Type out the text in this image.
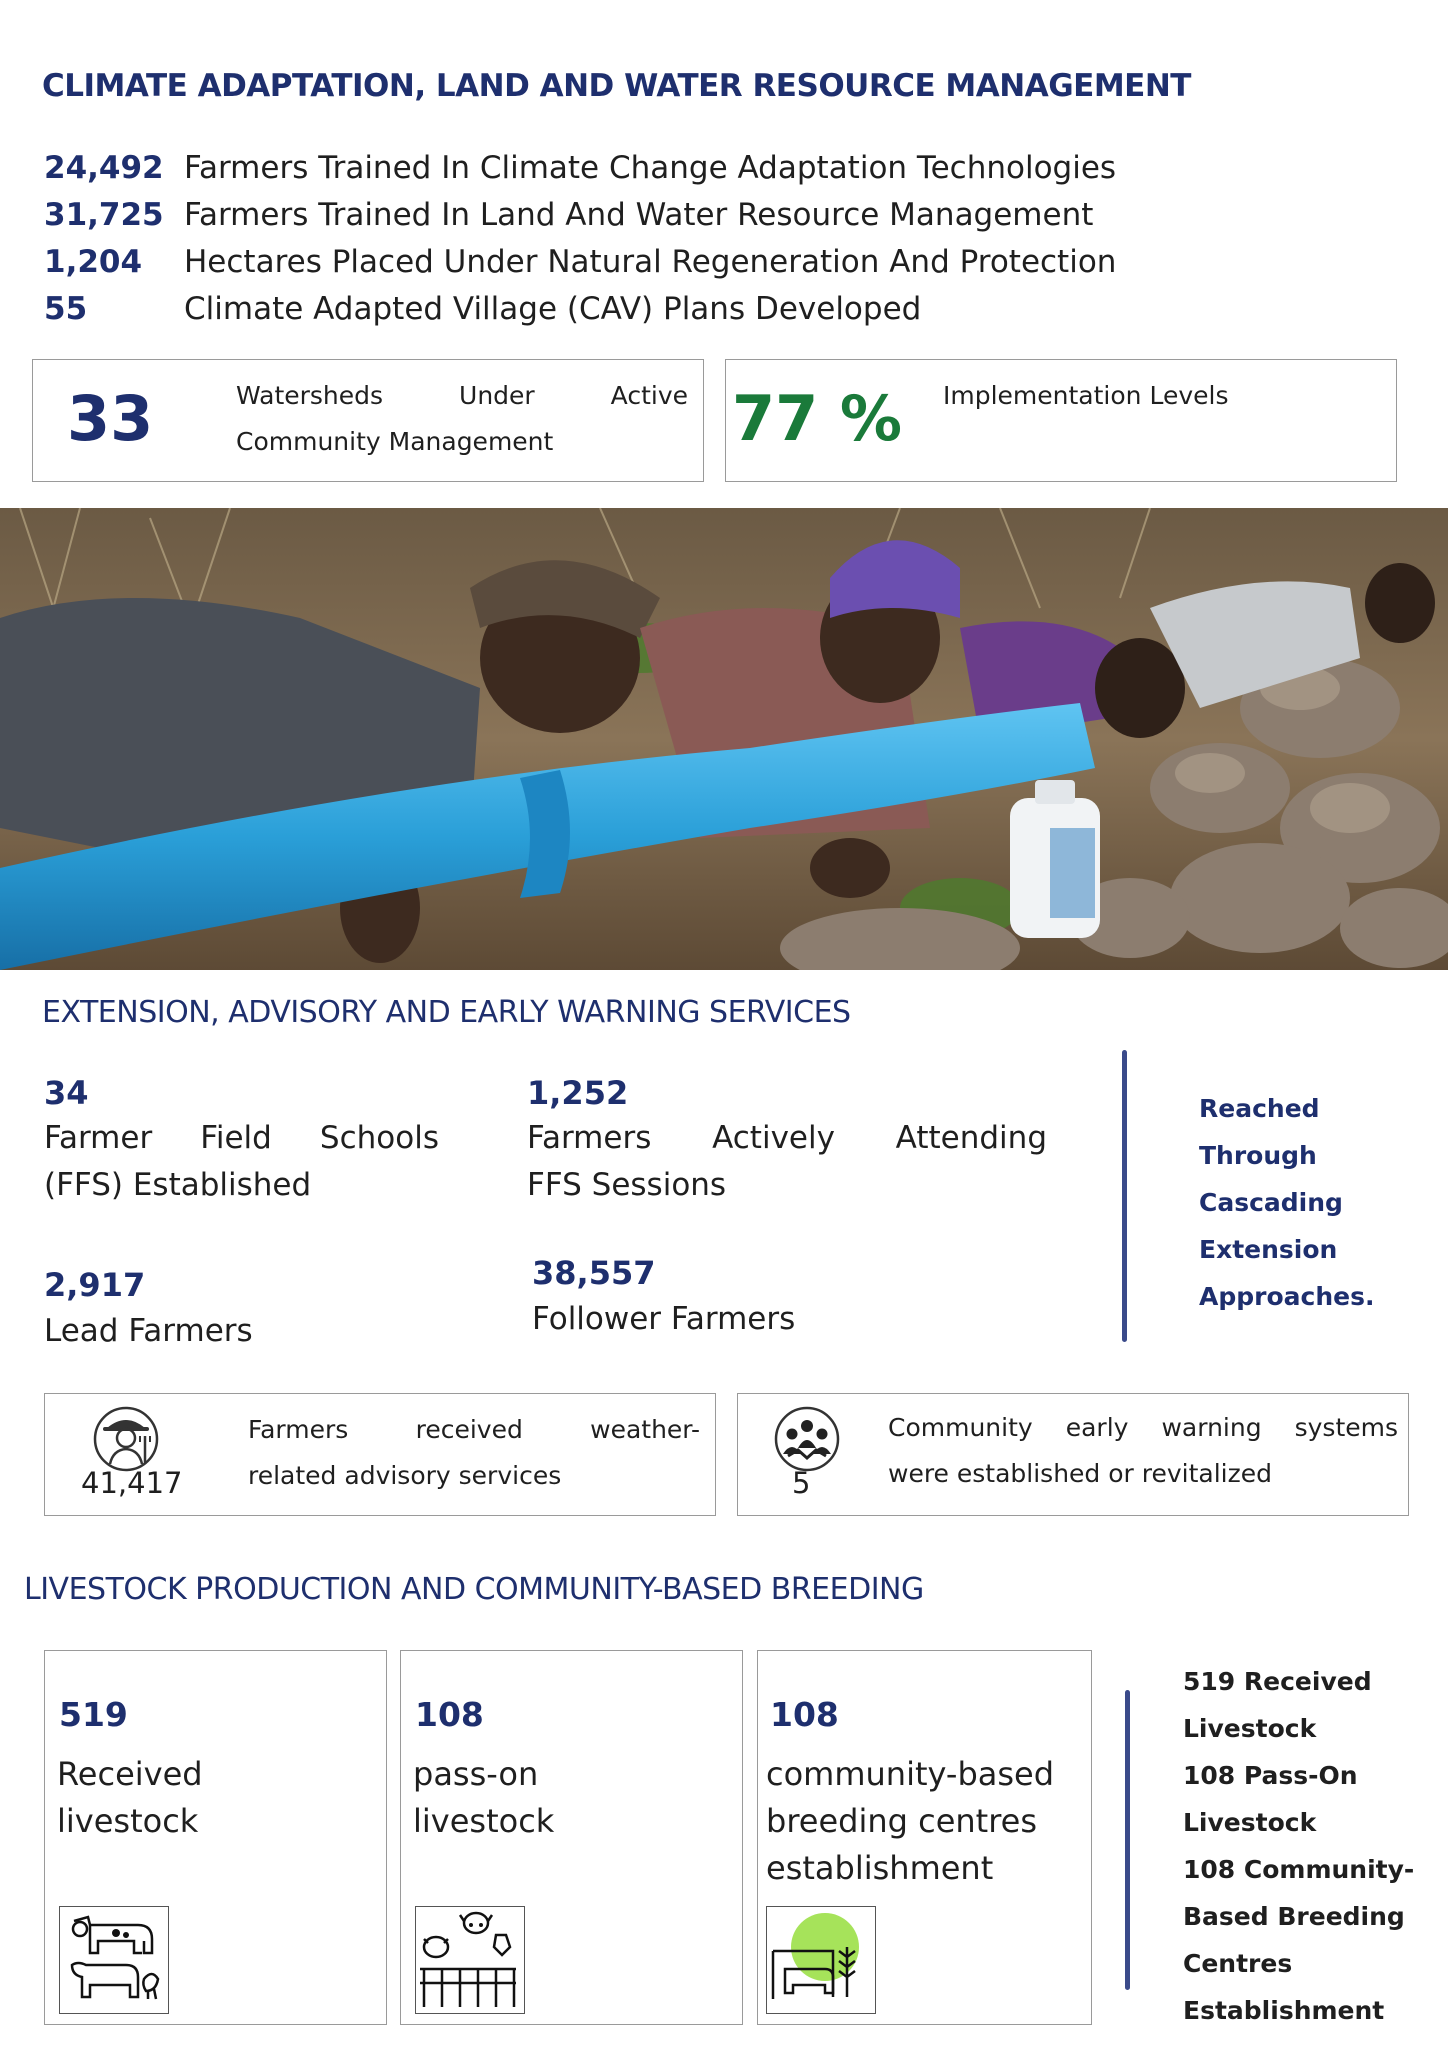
CLIMATE ADAPTATION, LAND AND WATER RESOURCE MANAGEMENT
24,492 Farmers Trained In Climate Change Adaptation Technologies
31,725 Farmers Trained In Land And Water Resource Management
1,204	Hectares Placed Under Natural Regeneration And Protection
55	Climate Adapted Village (CAV) Plans Developed
33	Watersheds Under Active
Community Management	77 % Implementation Levels
EXTENSION, ADVISORY AND EARLY WARNING SERVICES
34
Farmer Field Schools
(FFS) Established
1,252
Farmers Actively Attending
FFS Sessions
2,917
Lead Farmers
38,557
Follower Farmers
Reached
Through
Cascading
Extension
Approaches.
41,417
Farmers received weather-
related advisory services	5
Community early warning systems
were established or revitalized
LIVESTOCK PRODUCTION AND COMMUNITY-BASED BREEDING
519
Received
livestock
108
pass-on
livestock
108
community-based
breeding centres
establishment
519 Received
Livestock
108 Pass-On
Livestock
108 Community-
Based Breeding
Centres
Establishment
